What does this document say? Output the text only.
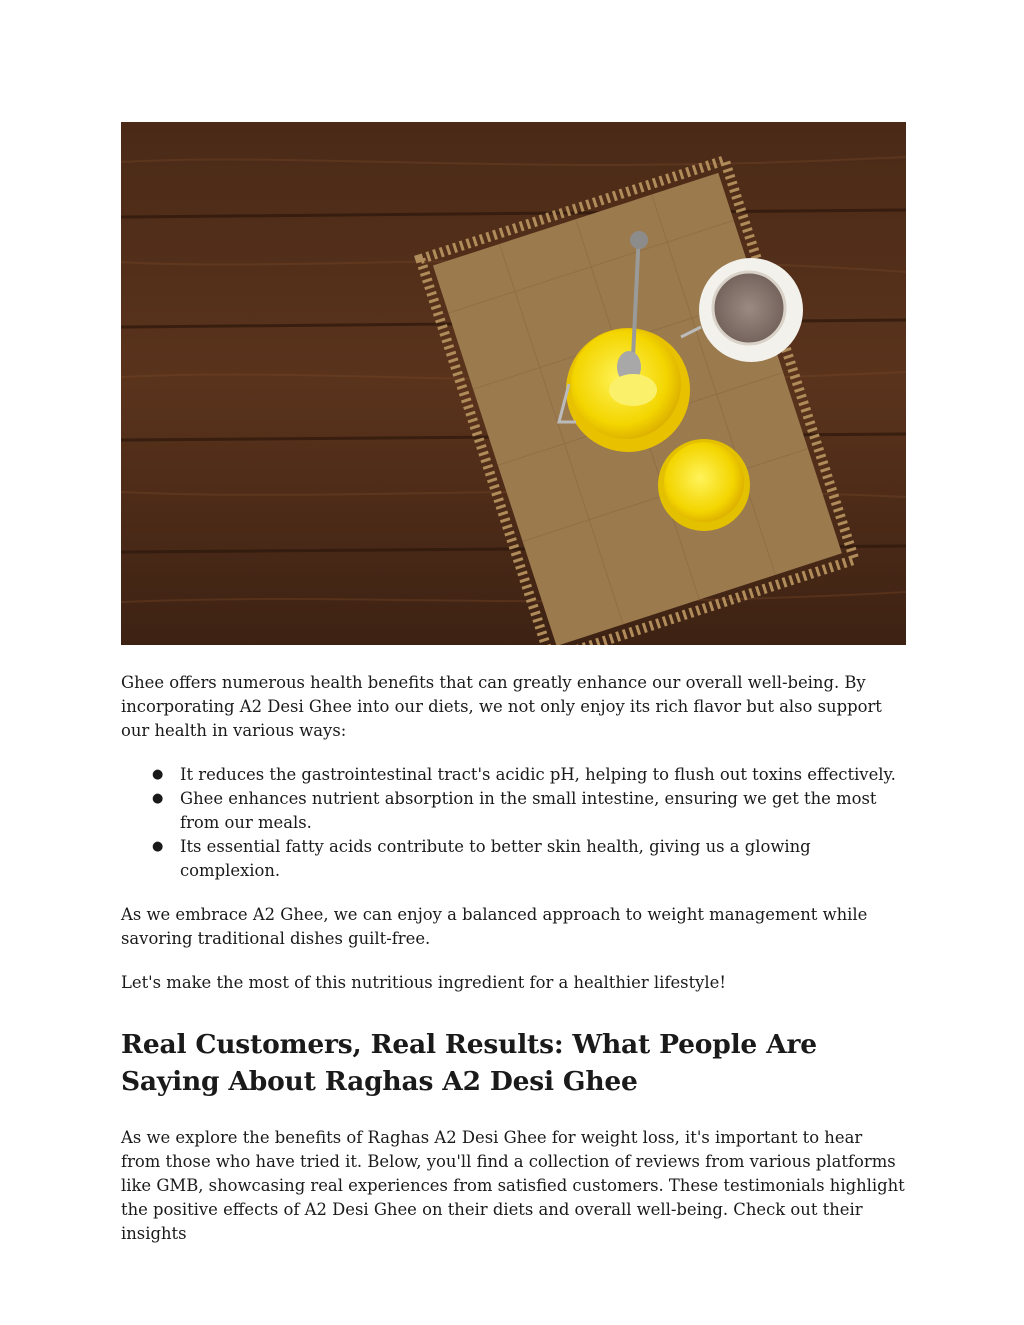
Ghee offers numerous health benefits that can greatly enhance our overall well-being. By incorporating A2 Desi Ghee into our diets, we not only enjoy its rich flavor but also support our health in various ways:

● It reduces the gastrointestinal tract's acidic pH, helping to flush out toxins effectively.
● Ghee enhances nutrient absorption in the small intestine, ensuring we get the most from our meals.
● Its essential fatty acids contribute to better skin health, giving us a glowing complexion.

As we embrace A2 Ghee, we can enjoy a balanced approach to weight management while savoring traditional dishes guilt-free.

Let's make the most of this nutritious ingredient for a healthier lifestyle!

Real Customers, Real Results: What People Are Saying About Raghas A2 Desi Ghee

As we explore the benefits of Raghas A2 Desi Ghee for weight loss, it's important to hear from those who have tried it. Below, you'll find a collection of reviews from various platforms like GMB, showcasing real experiences from satisfied customers. These testimonials highlight the positive effects of A2 Desi Ghee on their diets and overall well-being. Check out their insights
